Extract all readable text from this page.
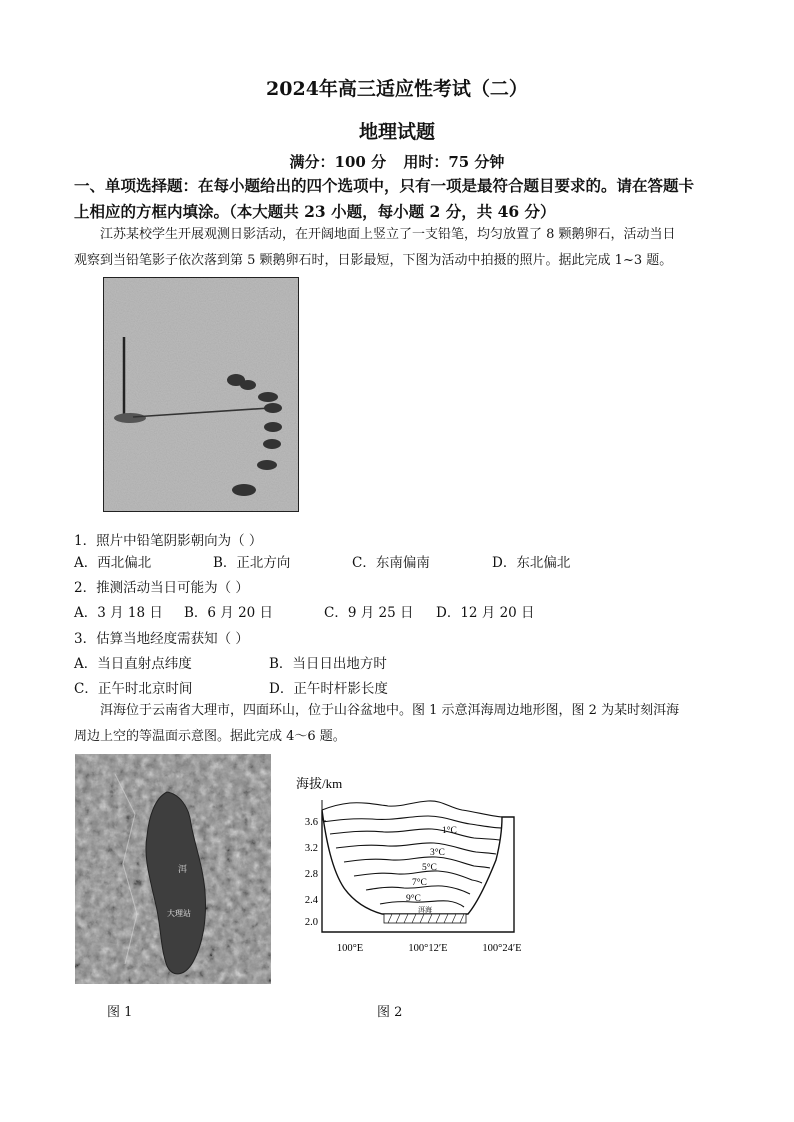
2024年高三适应性考试（二）
地理试题
满分：100 分 用时：75 分钟
一、单项选择题：在每小题给出的四个选项中，只有一项是最符合题目要求的。请在答题卡
上相应的方框内填涂。（本大题共 23 小题，每小题 2 分，共 46 分）
江苏某校学生开展观测日影活动，在开阔地面上竖立了一支铅笔，均匀放置了 8 颗鹅卵石，活动当日
观察到当铅笔影子依次落到第 5 颗鹅卵石时，日影最短，下图为活动中拍摄的照片。据此完成 1~3 题。
1．照片中铅笔阴影朝向为（ ）
A．西北偏北	B．正北方向	C．东南偏南	D．东北偏北
2．推测活动当日可能为（ ）
A．3 月 18 日 B．6 月 20 日	C．9 月 25 日 D．12 月 20 日
3．估算当地经度需获知（ ）
A．当日直射点纬度	B．当日日出地方时
C．正午时北京时间	D．正午时杆影长度
洱海位于云南省大理市，四面环山，位于山谷盆地中。图 1 示意洱海周边地形图，图 2 为某时刻洱海
周边上空的等温面示意图。据此完成 4～6 题。
洱
大理站
图 1
海拔/km
3.6
3.2
2.8
2.4
2.0
100°E	100°12′E	100°24′E
洱海
1°C
3°C
5°C
7°C
9°C
图 2
